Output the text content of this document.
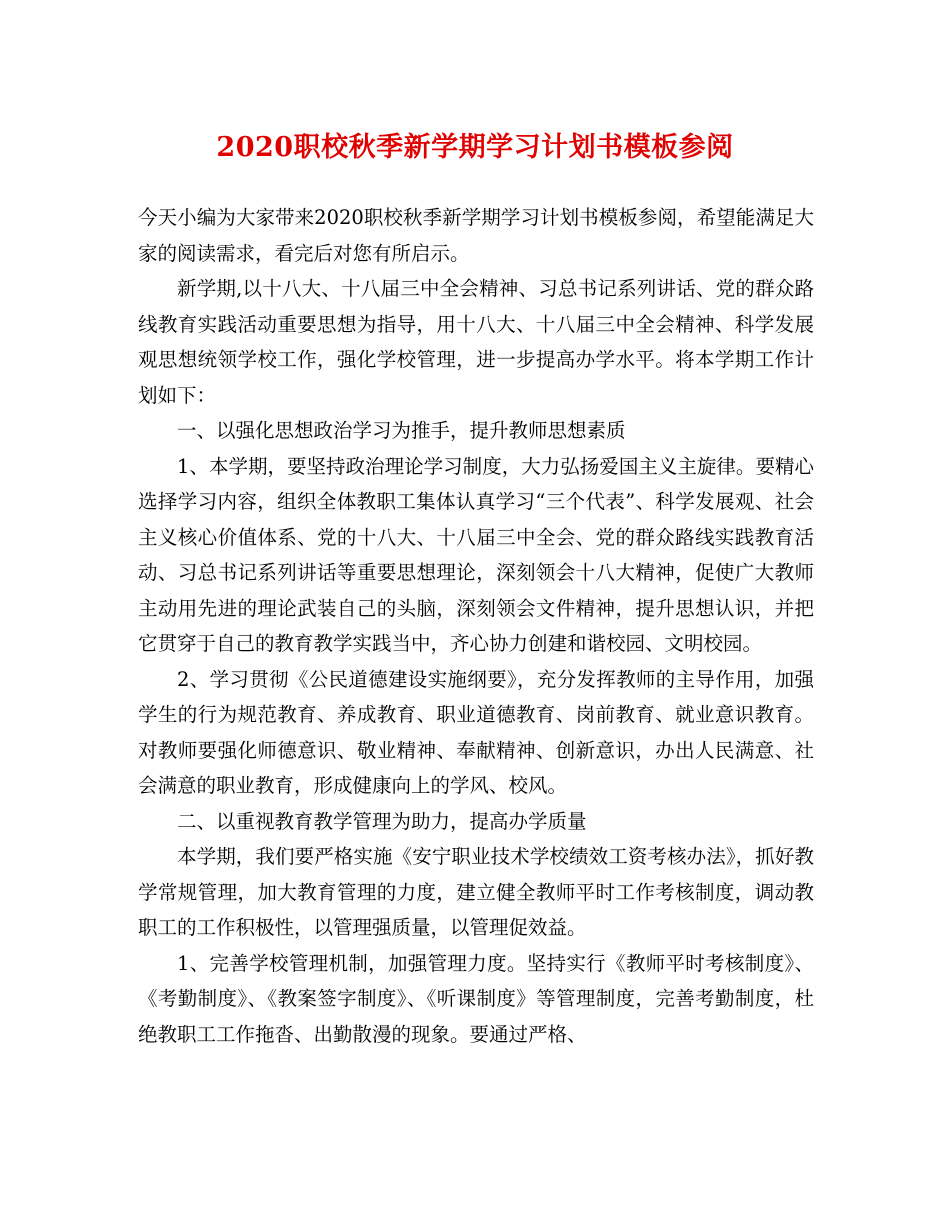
2020职校秋季新学期学习计划书模板参阅

今天小编为大家带来2020职校秋季新学期学习计划书模板参阅，希望能满足大家的阅读需求，看完后对您有所启示。

新学期,以十八大、十八届三中全会精神、习总书记系列讲话、党的群众路线教育实践活动重要思想为指导，用十八大、十八届三中全会精神、科学发展观思想统领学校工作，强化学校管理，进一步提高办学水平。将本学期工作计划如下：

一、以强化思想政治学习为推手，提升教师思想素质

1、本学期，要坚持政治理论学习制度，大力弘扬爱国主义主旋律。要精心选择学习内容，组织全体教职工集体认真学习“三个代表”、科学发展观、社会主义核心价值体系、党的十八大、十八届三中全会、党的群众路线实践教育活动、习总书记系列讲话等重要思想理论，深刻领会十八大精神，促使广大教师主动用先进的理论武装自己的头脑，深刻领会文件精神，提升思想认识，并把它贯穿于自己的教育教学实践当中，齐心协力创建和谐校园、文明校园。

2、学习贯彻《公民道德建设实施纲要》，充分发挥教师的主导作用，加强学生的行为规范教育、养成教育、职业道德教育、岗前教育、就业意识教育。对教师要强化师德意识、敬业精神、奉献精神、创新意识，办出人民满意、社会满意的职业教育，形成健康向上的学风、校风。

二、以重视教育教学管理为助力，提高办学质量

本学期，我们要严格实施《安宁职业技术学校绩效工资考核办法》，抓好教学常规管理，加大教育管理的力度，建立健全教师平时工作考核制度，调动教职工的工作积极性，以管理强质量，以管理促效益。

1、完善学校管理机制，加强管理力度。坚持实行《教师平时考核制度》、《考勤制度》、《教案签字制度》、《听课制度》等管理制度，完善考勤制度，杜绝教职工工作拖沓、出勤散漫的现象。要通过严格、
